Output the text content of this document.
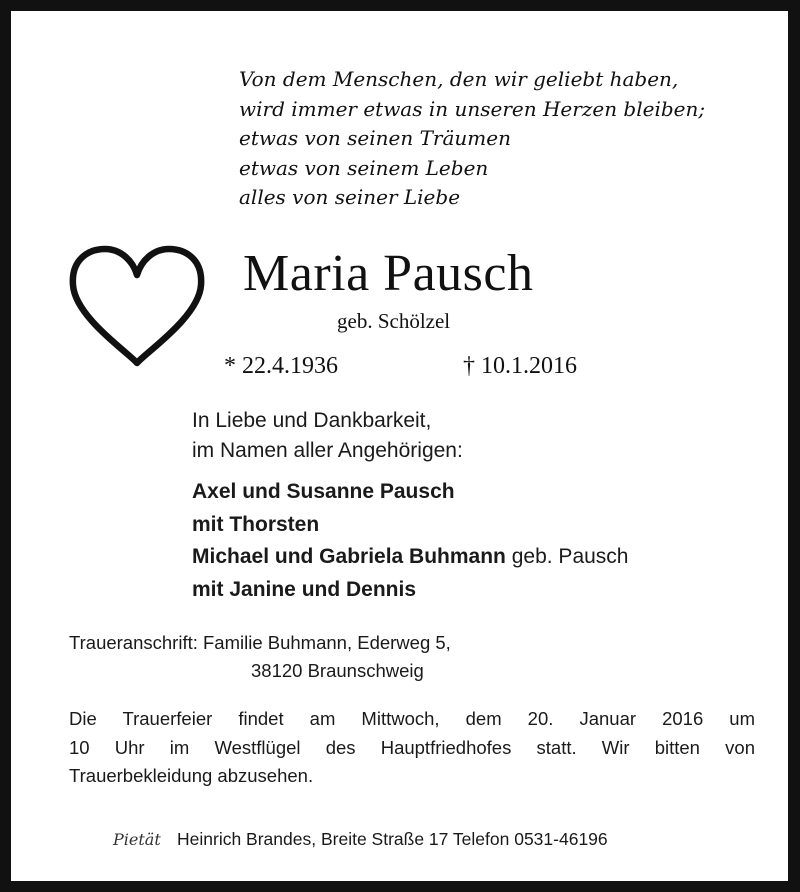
Von dem Menschen, den wir geliebt haben,
wird immer etwas in unseren Herzen bleiben;
etwas von seinen Träumen
etwas von seinem Leben
alles von seiner Liebe
Maria Pausch
geb. Schölzel
* 22.4.1936	† 10.1.2016
In Liebe und Dankbarkeit,
im Namen aller Angehörigen:
Axel und Susanne Pausch
mit Thorsten
Michael und Gabriela Buhmann geb. Pausch
mit Janine und Dennis
Traueranschrift: Familie Buhmann, Ederweg 5,
38120 Braunschweig
Die Trauerfeier findet am Mittwoch, dem 20. Januar 2016 um
10 Uhr im Westflügel des Hauptfriedhofes statt. Wir bitten von
Trauerbekleidung abzusehen.
Pietät Heinrich Brandes, Breite Straße 17 Telefon 0531-46196
